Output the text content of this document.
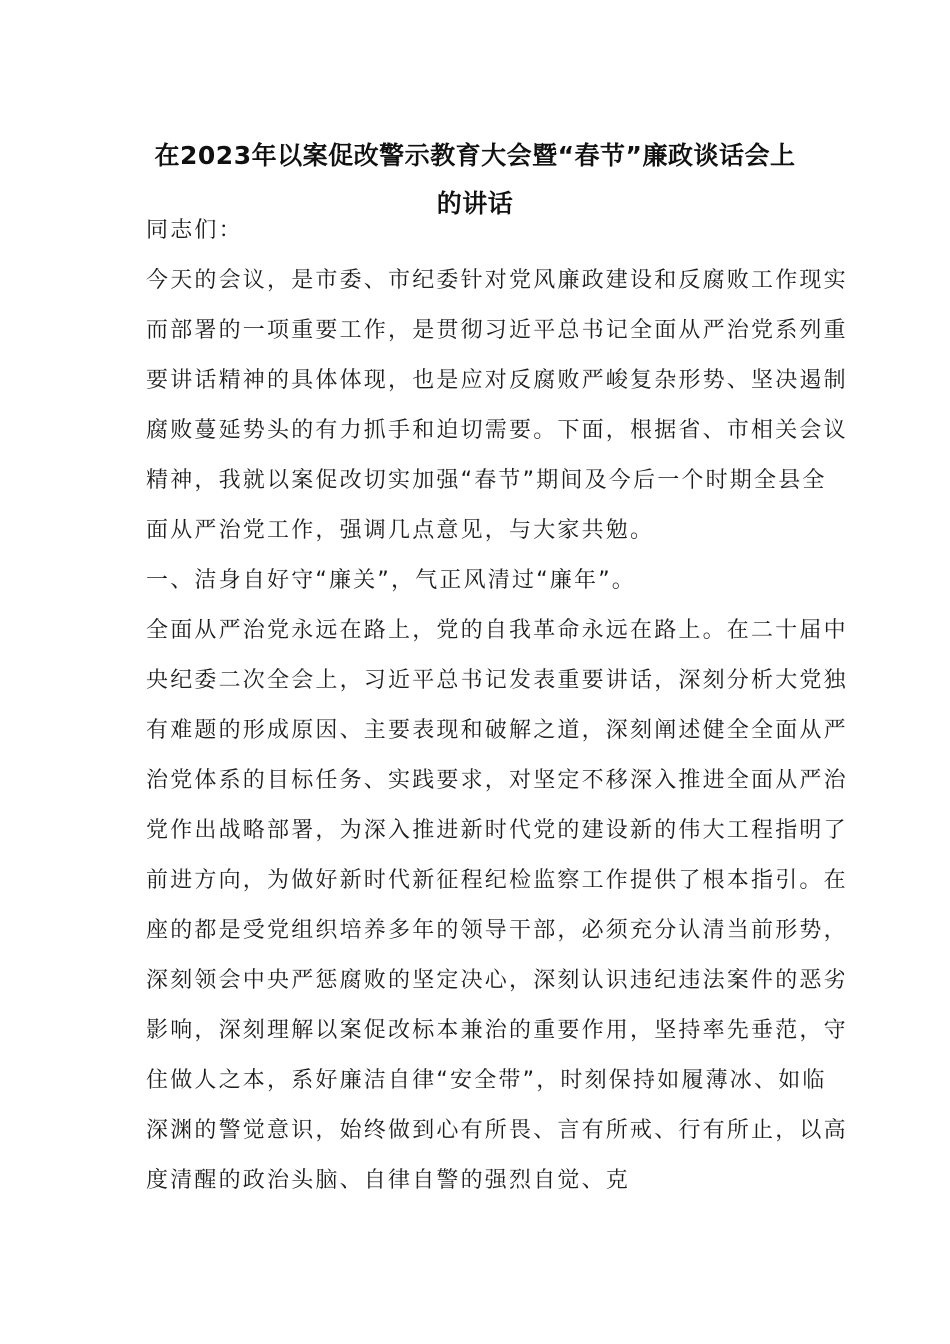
在2023年以案促改警示教育大会暨“春节”廉政谈话会上
的讲话
同志们：
今天的会议，是市委、市纪委针对党风廉政建设和反腐败工作现实
而部署的一项重要工作，是贯彻习近平总书记全面从严治党系列重
要讲话精神的具体体现，也是应对反腐败严峻复杂形势、坚决遏制
腐败蔓延势头的有力抓手和迫切需要。下面，根据省、市相关会议
精神，我就以案促改切实加强“春节”期间及今后一个时期全县全
面从严治党工作，强调几点意见，与大家共勉。
一、洁身自好守“廉关”，气正风清过“廉年”。
全面从严治党永远在路上，党的自我革命永远在路上。在二十届中
央纪委二次全会上，习近平总书记发表重要讲话，深刻分析大党独
有难题的形成原因、主要表现和破解之道，深刻阐述健全全面从严
治党体系的目标任务、实践要求，对坚定不移深入推进全面从严治
党作出战略部署，为深入推进新时代党的建设新的伟大工程指明了
前进方向，为做好新时代新征程纪检监察工作提供了根本指引。在
座的都是受党组织培养多年的领导干部，必须充分认清当前形势，
深刻领会中央严惩腐败的坚定决心，深刻认识违纪违法案件的恶劣
影响，深刻理解以案促改标本兼治的重要作用，坚持率先垂范，守
住做人之本，系好廉洁自律“安全带”，时刻保持如履薄冰、如临
深渊的警觉意识，始终做到心有所畏、言有所戒、行有所止，以高
度清醒的政治头脑、自律自警的强烈自觉、克
